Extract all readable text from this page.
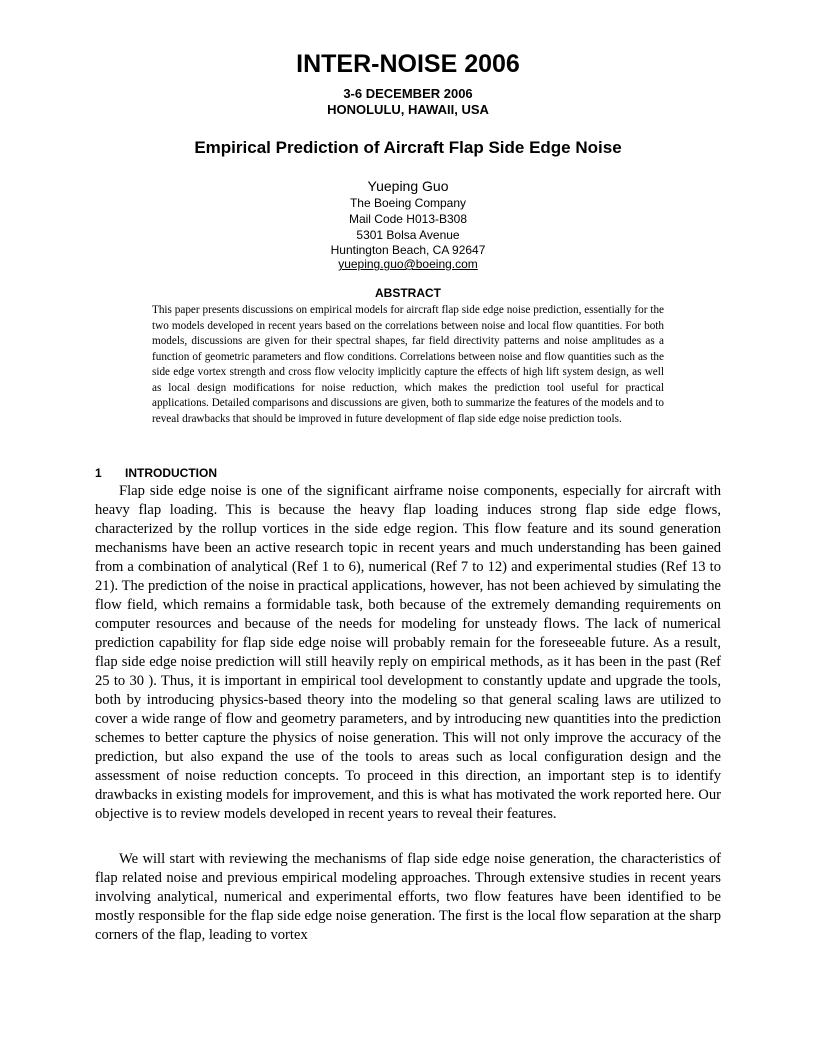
INTER-NOISE 2006
3-6 DECEMBER 2006
HONOLULU, HAWAII, USA
Empirical Prediction of Aircraft Flap Side Edge Noise
Yueping Guo
The Boeing Company
Mail Code H013-B308
5301 Bolsa Avenue
Huntington Beach, CA 92647
yueping.guo@boeing.com
ABSTRACT

This paper presents discussions on empirical models for aircraft flap side edge noise prediction, essentially for the two models developed in recent years based on the correlations between noise and local flow quantities. For both models, discussions are given for their spectral shapes, far field directivity patterns and noise amplitudes as a function of geometric parameters and flow conditions. Correlations between noise and flow quantities such as the side edge vortex strength and cross flow velocity implicitly capture the effects of high lift system design, as well as local design modifications for noise reduction, which makes the prediction tool useful for practical applications. Detailed comparisons and discussions are given, both to summarize the features of the models and to reveal drawbacks that should be improved in future development of flap side edge noise prediction tools.

1 INTRODUCTION

Flap side edge noise is one of the significant airframe noise components, especially for aircraft with heavy flap loading. This is because the heavy flap loading induces strong flap side edge flows, characterized by the rollup vortices in the side edge region. This flow feature and its sound generation mechanisms have been an active research topic in recent years and much understanding has been gained from a combination of analytical (Ref 1 to 6), numerical (Ref 7 to 12) and experimental studies (Ref 13 to 21). The prediction of the noise in practical applications, however, has not been achieved by simulating the flow field, which remains a formidable task, both because of the extremely demanding requirements on computer resources and because of the needs for modeling for unsteady flows. The lack of numerical prediction capability for flap side edge noise will probably remain for the foreseeable future. As a result, flap side edge noise prediction will still heavily reply on empirical methods, as it has been in the past (Ref 25 to 30 ). Thus, it is important in empirical tool development to constantly update and upgrade the tools, both by introducing physics-based theory into the modeling so that general scaling laws are utilized to cover a wide range of flow and geometry parameters, and by introducing new quantities into the prediction schemes to better capture the physics of noise generation. This will not only improve the accuracy of the prediction, but also expand the use of the tools to areas such as local configuration design and the assessment of noise reduction concepts. To proceed in this direction, an important step is to identify drawbacks in existing models for improvement, and this is what has motivated the work reported here. Our objective is to review models developed in recent years to reveal their features.

We will start with reviewing the mechanisms of flap side edge noise generation, the characteristics of flap related noise and previous empirical modeling approaches. Through extensive studies in recent years involving analytical, numerical and experimental efforts, two flow features have been identified to be mostly responsible for the flap side edge noise generation. The first is the local flow separation at the sharp corners of the flap, leading to vortex
